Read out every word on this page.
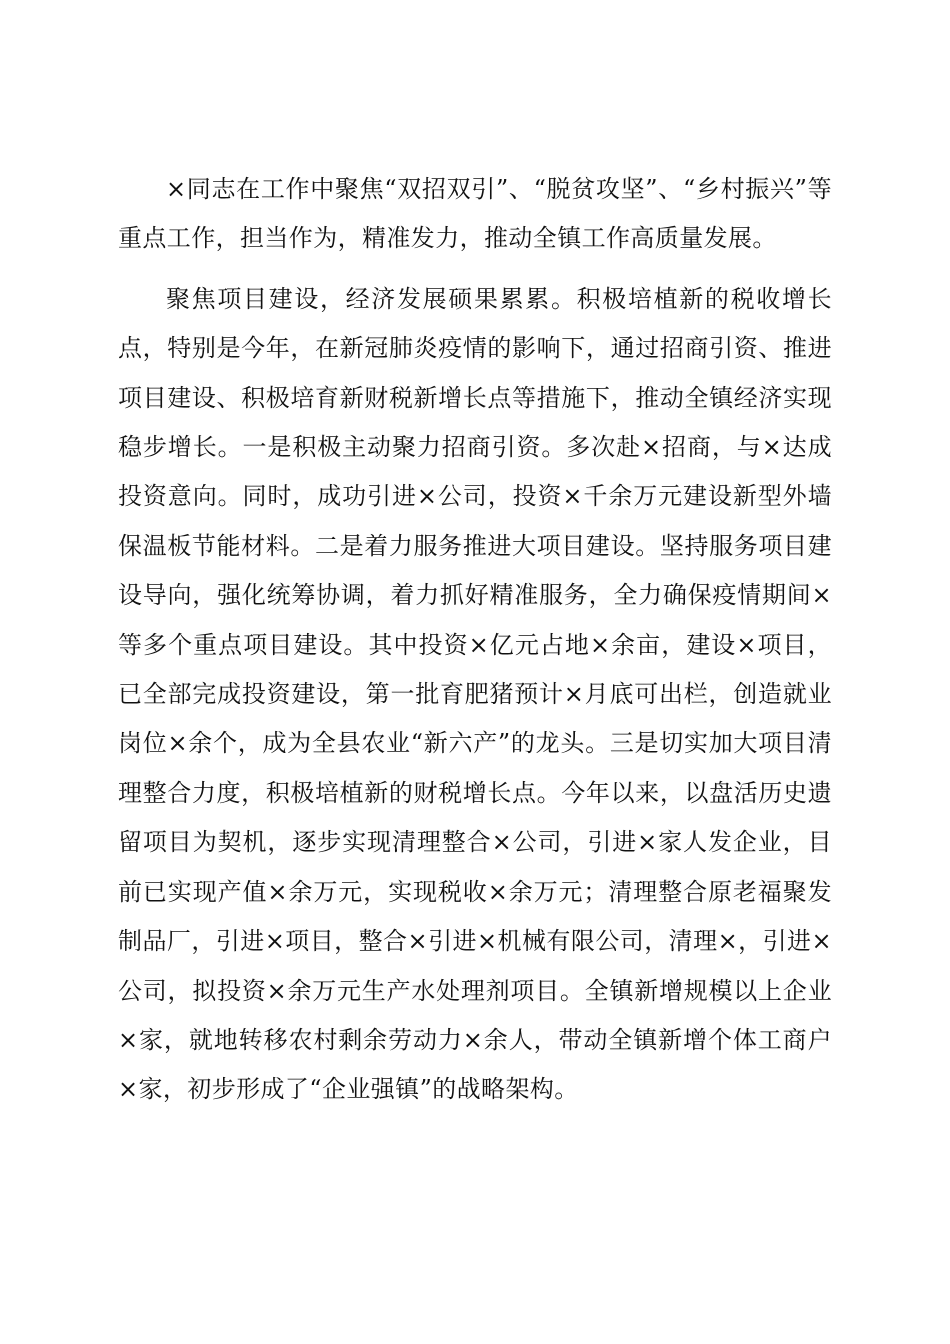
×同志在工作中聚焦“双招双引”、“脱贫攻坚”、“乡村振兴”等重点工作，担当作为，精准发力，推动全镇工作高质量发展。

聚焦项目建设，经济发展硕果累累。积极培植新的税收增长点，特别是今年，在新冠肺炎疫情的影响下，通过招商引资、推进项目建设、积极培育新财税新增长点等措施下，推动全镇经济实现稳步增长。一是积极主动聚力招商引资。多次赴×招商，与×达成投资意向。同时，成功引进×公司，投资×千余万元建设新型外墙保温板节能材料。二是着力服务推进大项目建设。坚持服务项目建设导向，强化统筹协调，着力抓好精准服务，全力确保疫情期间×等多个重点项目建设。其中投资×亿元占地×余亩，建设×项目，已全部完成投资建设，第一批育肥猪预计×月底可出栏，创造就业岗位×余个，成为全县农业“新六产”的龙头。三是切实加大项目清理整合力度，积极培植新的财税增长点。今年以来，以盘活历史遗留项目为契机，逐步实现清理整合×公司，引进×家人发企业，目前已实现产值×余万元，实现税收×余万元；清理整合原老福聚发制品厂，引进×项目，整合×引进×机械有限公司，清理×，引进×公司，拟投资×余万元生产水处理剂项目。全镇新增规模以上企业×家，就地转移农村剩余劳动力×余人，带动全镇新增个体工商户×家，初步形成了“企业强镇”的战略架构。
